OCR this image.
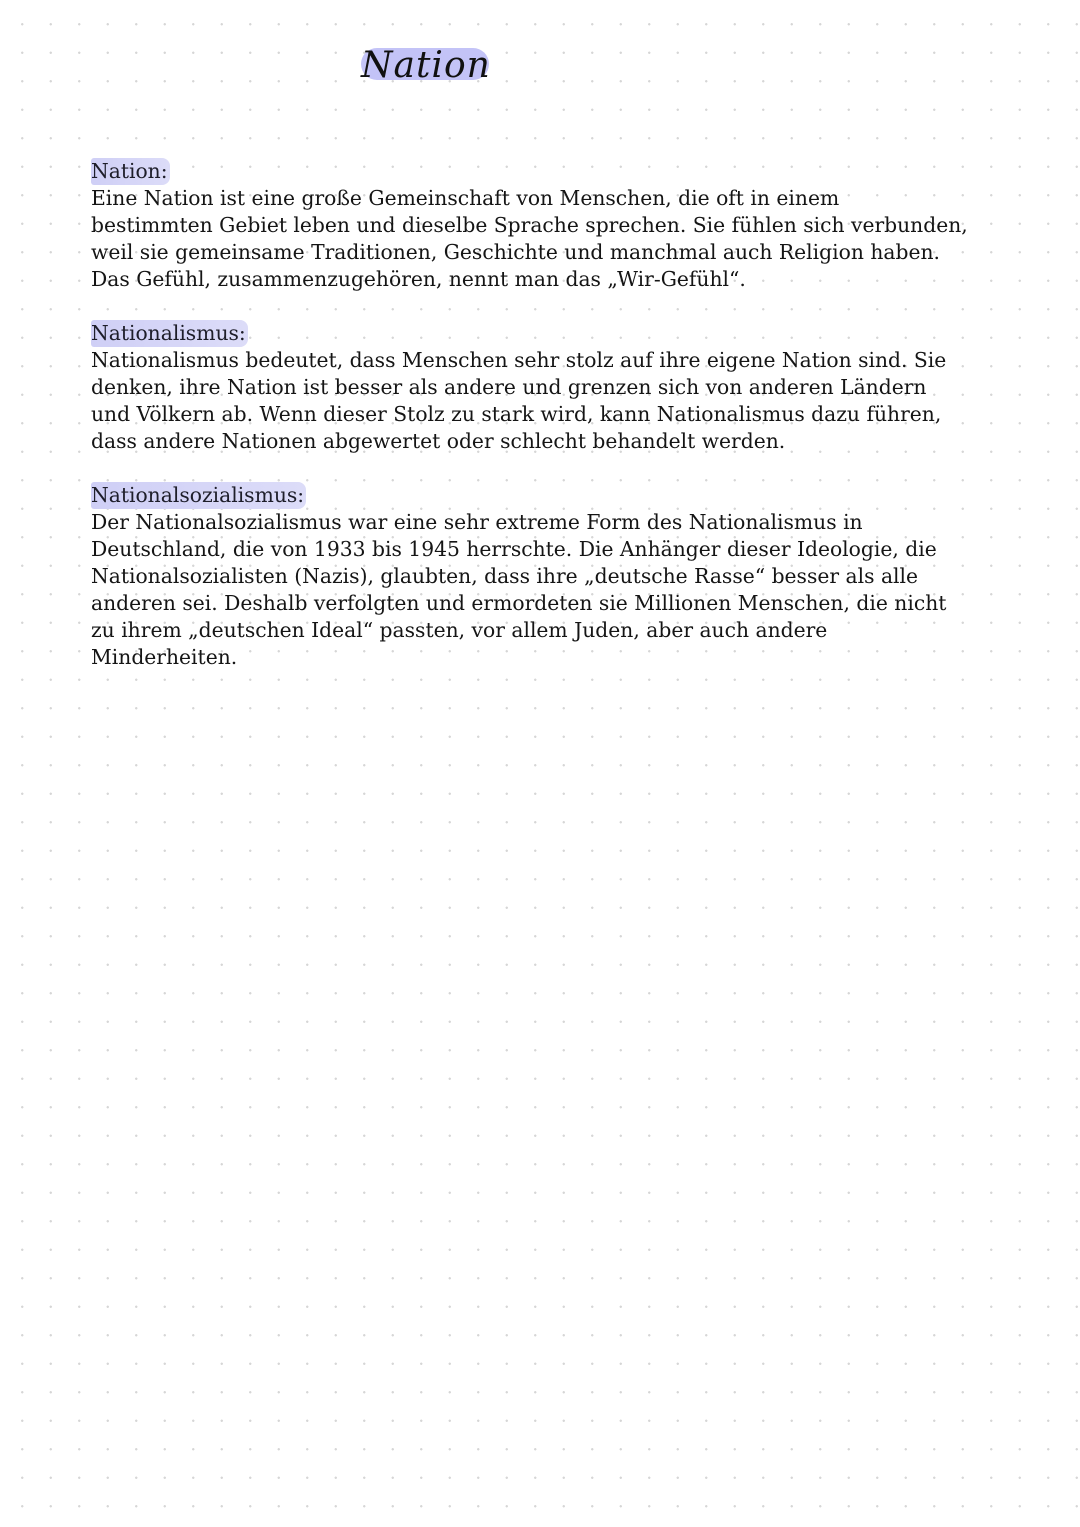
Nation
Nation:
Eine Nation ist eine große Gemeinschaft von Menschen, die oft in einem
bestimmten Gebiet leben und dieselbe Sprache sprechen. Sie fühlen sich verbunden,
weil sie gemeinsame Traditionen, Geschichte und manchmal auch Religion haben.
Das Gefühl, zusammenzugehören, nennt man das „Wir-Gefühl“.
Nationalismus:
Nationalismus bedeutet, dass Menschen sehr stolz auf ihre eigene Nation sind. Sie
denken, ihre Nation ist besser als andere und grenzen sich von anderen Ländern
und Völkern ab. Wenn dieser Stolz zu stark wird, kann Nationalismus dazu führen,
dass andere Nationen abgewertet oder schlecht behandelt werden.
Nationalsozialismus:
Der Nationalsozialismus war eine sehr extreme Form des Nationalismus in
Deutschland, die von 1933 bis 1945 herrschte. Die Anhänger dieser Ideologie, die
Nationalsozialisten (Nazis), glaubten, dass ihre „deutsche Rasse“ besser als alle
anderen sei. Deshalb verfolgten und ermordeten sie Millionen Menschen, die nicht
zu ihrem „deutschen Ideal“ passten, vor allem Juden, aber auch andere
Minderheiten.
